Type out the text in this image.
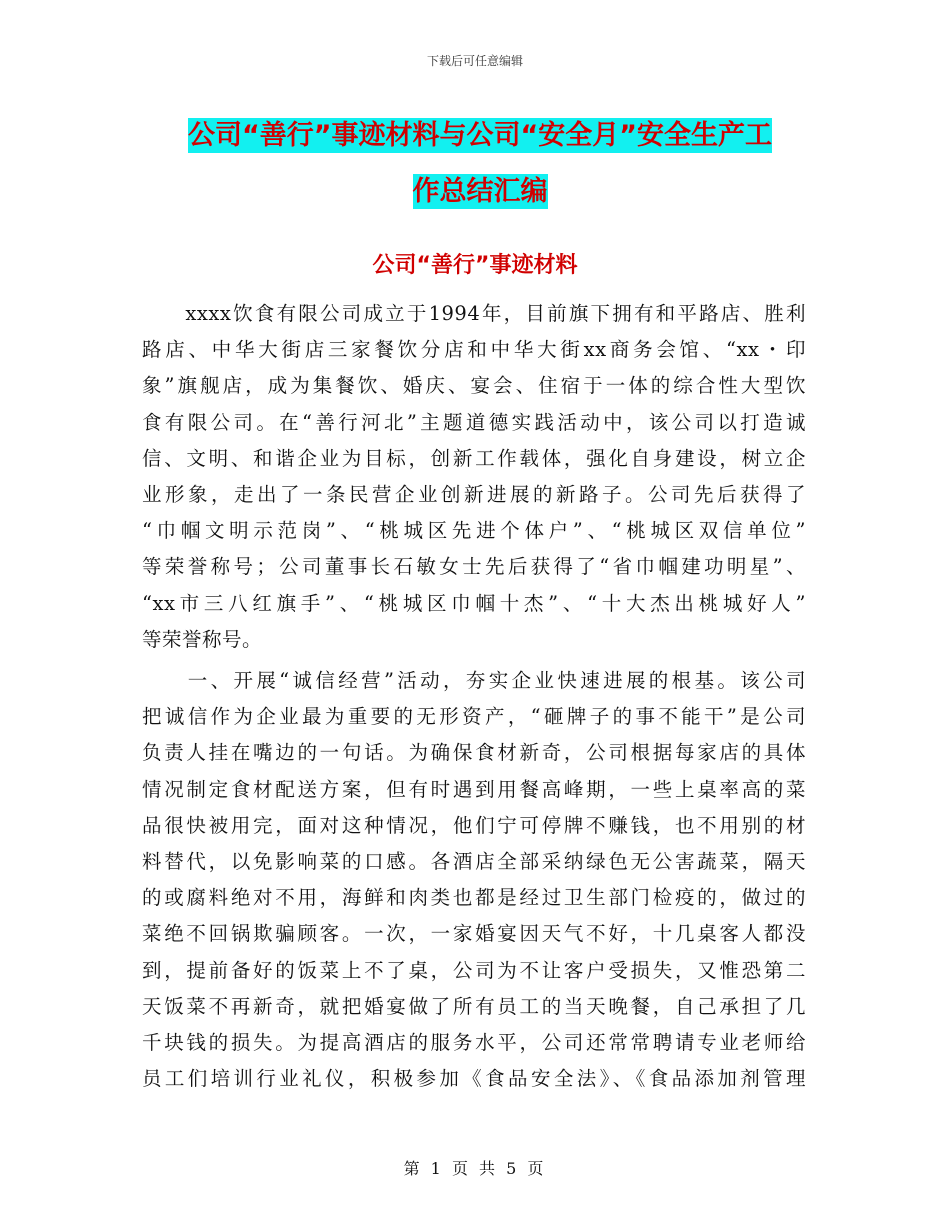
下载后可任意编辑
公司“善行”事迹材料与公司“安全月”安全生产工
作总结汇编
公司“善行”事迹材料
　　xxxx饮食有限公司成立于1994年，目前旗下拥有和平路店、胜利
路店、中华大街店三家餐饮分店和中华大街xx商务会馆、“xx・印
象”旗舰店，成为集餐饮、婚庆、宴会、住宿于一体的综合性大型饮
食有限公司。在“善行河北”主题道德实践活动中，该公司以打造诚
信、文明、和谐企业为目标，创新工作载体，强化自身建设，树立企
业形象，走出了一条民营企业创新进展的新路子。公司先后获得了
“巾帼文明示范岗”、“桃城区先进个体户”、“桃城区双信单位”
等荣誉称号；公司董事长石敏女士先后获得了“省巾帼建功明星”、
“xx市三八红旗手”、“桃城区巾帼十杰”、“十大杰出桃城好人”
等荣誉称号。
　　一、开展“诚信经营”活动，夯实企业快速进展的根基。该公司
把诚信作为企业最为重要的无形资产，“砸牌子的事不能干”是公司
负责人挂在嘴边的一句话。为确保食材新奇，公司根据每家店的具体
情况制定食材配送方案，但有时遇到用餐高峰期，一些上桌率高的菜
品很快被用完，面对这种情况，他们宁可停牌不赚钱，也不用别的材
料替代，以免影响菜的口感。各酒店全部采纳绿色无公害蔬菜，隔天
的或腐料绝对不用，海鲜和肉类也都是经过卫生部门检疫的，做过的
菜绝不回锅欺骗顾客。一次，一家婚宴因天气不好，十几桌客人都没
到，提前备好的饭菜上不了桌，公司为不让客户受损失，又惟恐第二
天饭菜不再新奇，就把婚宴做了所有员工的当天晚餐，自己承担了几
千块钱的损失。为提高酒店的服务水平，公司还常常聘请专业老师给
员工们培训行业礼仪，积极参加《食品安全法》、《食品添加剂管理
第 1 页 共 5 页
